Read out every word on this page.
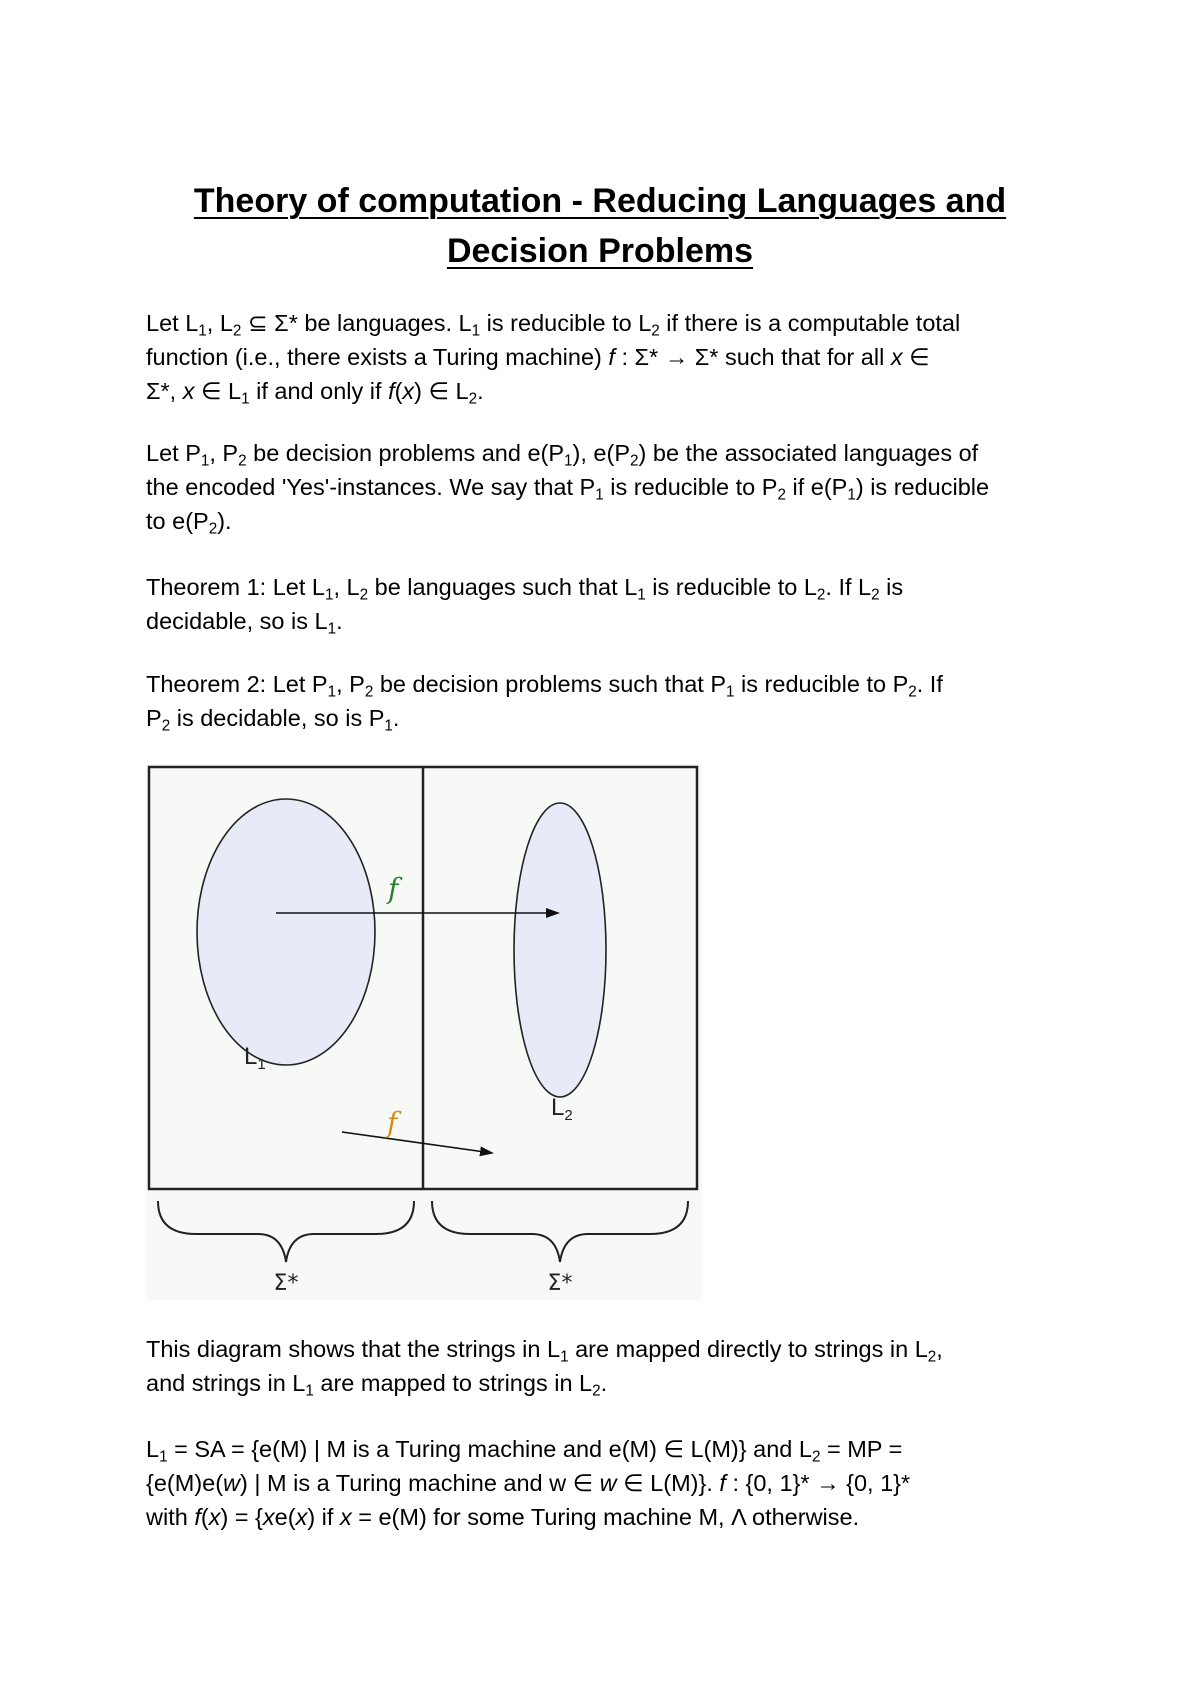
Theory of computation - Reducing Languages and
Decision Problems
Let $L_1$, $L_2$ ⊆ Σ* be languages. $L_1$ is reducible to $L_2$ if there is a computable total
function (i.e., there exists a Turing machine) f : Σ* → Σ* such that for all x ∈
Σ*, x ∈ $L_1$ if and only if f(x) ∈ $L_2$.
Let $P_1$, $P_2$ be decision problems and $e(P_1)$, $e(P_2)$ be the associated languages of
the encoded 'Yes'-instances. We say that $P_1$ is reducible to $P_2$ if $e(P_1)$ is reducible
to $e(P_2)$.
Theorem 1: Let $L_1$, $L_2$ be languages such that $L_1$ is reducible to $L_2$. If $L_2$ is
decidable, so is $L_1$.
Theorem 2: Let $P_1$, $P_2$ be decision problems such that $P_1$ is reducible to $P_2$. If
$P_2$ is decidable, so is $P_1$.
f
f
$L_1$
$L_2$
Σ*	Σ*
This diagram shows that the strings in $L_1$ are mapped directly to strings in $L_2$,
and strings in $L_1$ are mapped to strings in $L_2$.
$L_1$ = SA = {e(M) | M is a Turing machine and e(M) ∈ L(M)} and $L_2$ = MP =
{e(M)e(w) | M is a Turing machine and w ∈ w ∈ L(M)}. f : {0, 1}* → {0, 1}*
with f(x) = {xe(x) if x = e(M) for some Turing machine M, Λ otherwise.
